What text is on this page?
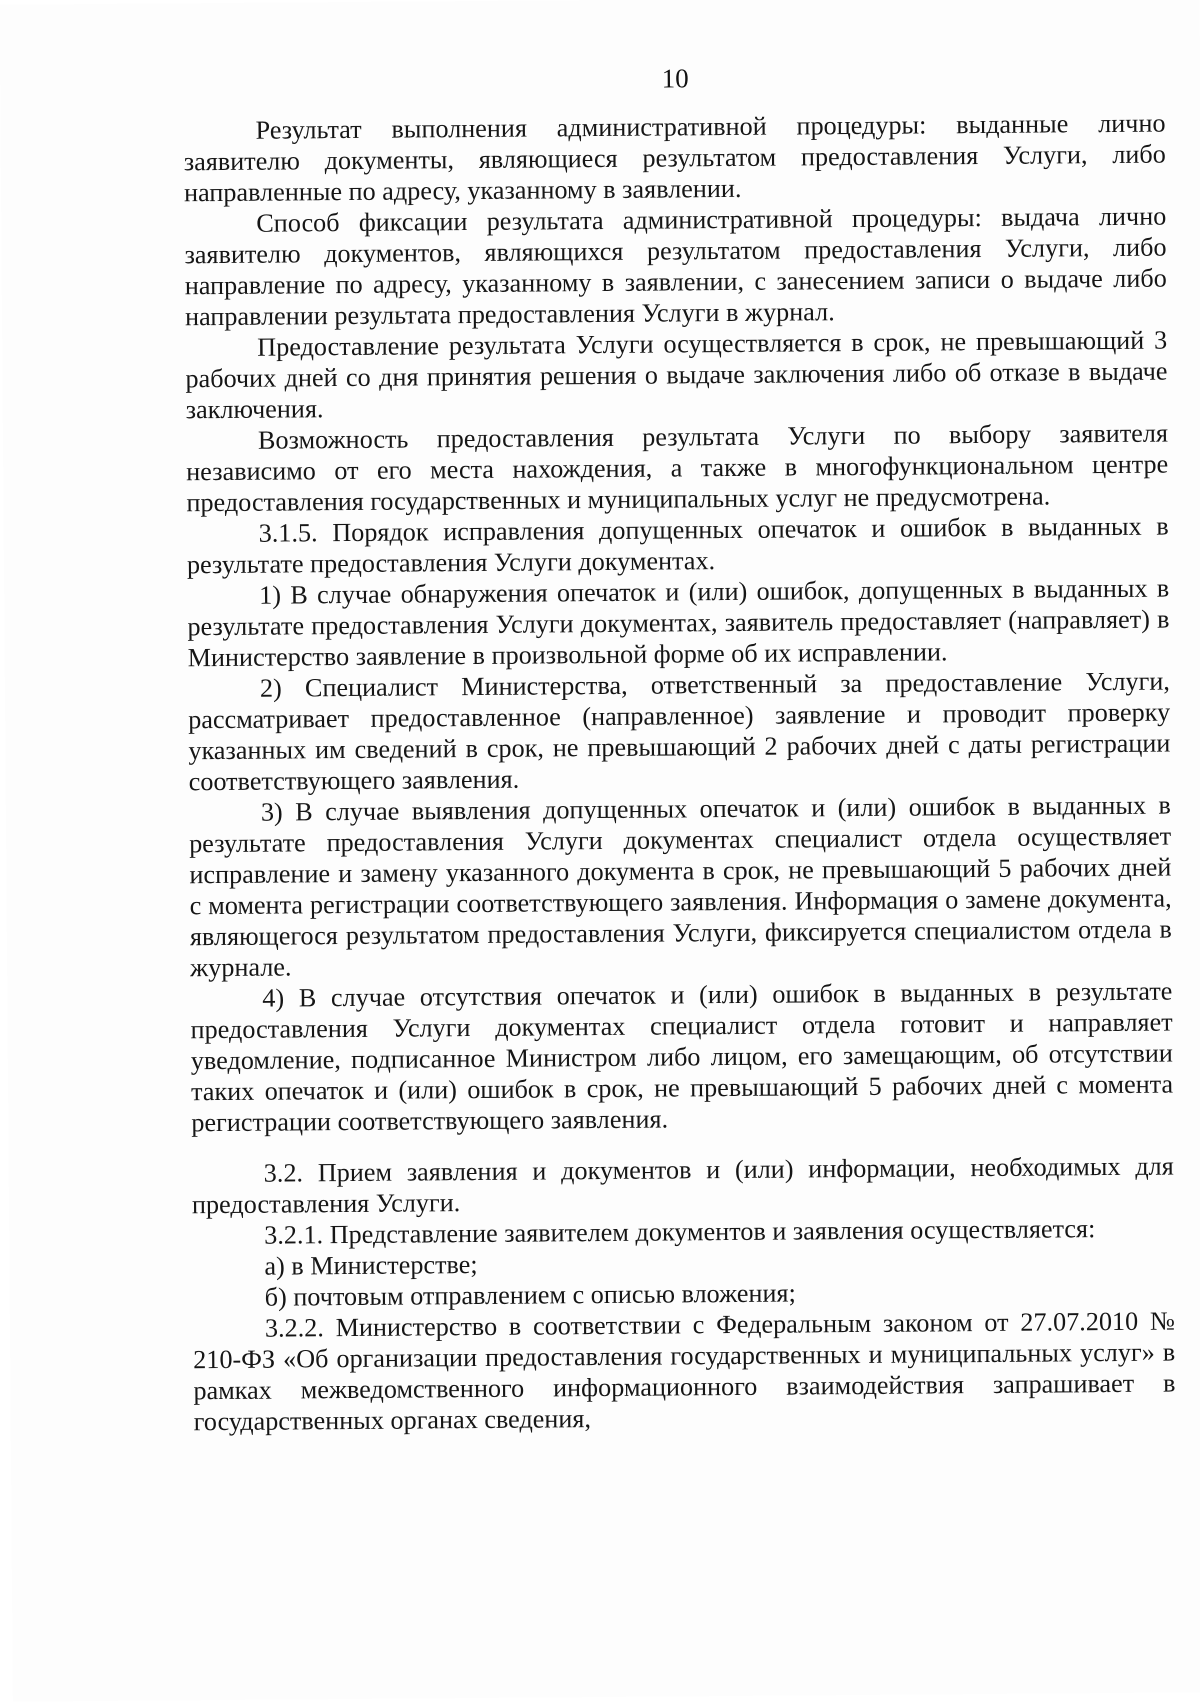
10

Результат выполнения административной процедуры: выданные лично заявителю документы, являющиеся результатом предоставления Услуги, либо направленные по адресу, указанному в заявлении.

Способ фиксации результата административной процедуры: выдача лично заявителю документов, являющихся результатом предоставления Услуги, либо направление по адресу, указанному в заявлении, с занесением записи о выдаче либо направлении результата предоставления Услуги в журнал.

Предоставление результата Услуги осуществляется в срок, не превышающий 3 рабочих дней со дня принятия решения о выдаче заключения либо об отказе в выдаче заключения.

Возможность предоставления результата Услуги по выбору заявителя независимо от его места нахождения, а также в многофункциональном центре предоставления государственных и муниципальных услуг не предусмотрена.

3.1.5. Порядок исправления допущенных опечаток и ошибок в выданных в результате предоставления Услуги документах.

1) В случае обнаружения опечаток и (или) ошибок, допущенных в выданных в результате предоставления Услуги документах, заявитель предоставляет (направляет) в Министерство заявление в произвольной форме об их исправлении.

2) Специалист Министерства, ответственный за предоставление Услуги, рассматривает предоставленное (направленное) заявление и проводит проверку указанных им сведений в срок, не превышающий 2 рабочих дней с даты регистрации соответствующего заявления.

3) В случае выявления допущенных опечаток и (или) ошибок в выданных в результате предоставления Услуги документах специалист отдела осуществляет исправление и замену указанного документа в срок, не превышающий 5 рабочих дней с момента регистрации соответствующего заявления. Информация о замене документа, являющегося результатом предоставления Услуги, фиксируется специалистом отдела в журнале.

4) В случае отсутствия опечаток и (или) ошибок в выданных в результате предоставления Услуги документах специалист отдела готовит и направляет уведомление, подписанное Министром либо лицом, его замещающим, об отсутствии таких опечаток и (или) ошибок в срок, не превышающий 5 рабочих дней с момента регистрации соответствующего заявления.

3.2. Прием заявления и документов и (или) информации, необходимых для предоставления Услуги.

3.2.1. Представление заявителем документов и заявления осуществляется:

а) в Министерстве;

б) почтовым отправлением с описью вложения;

3.2.2. Министерство в соответствии с Федеральным законом от 27.07.2010 № 210-ФЗ «Об организации предоставления государственных и муниципальных услуг» в рамках межведомственного информационного взаимодействия запрашивает в государственных органах сведения,
